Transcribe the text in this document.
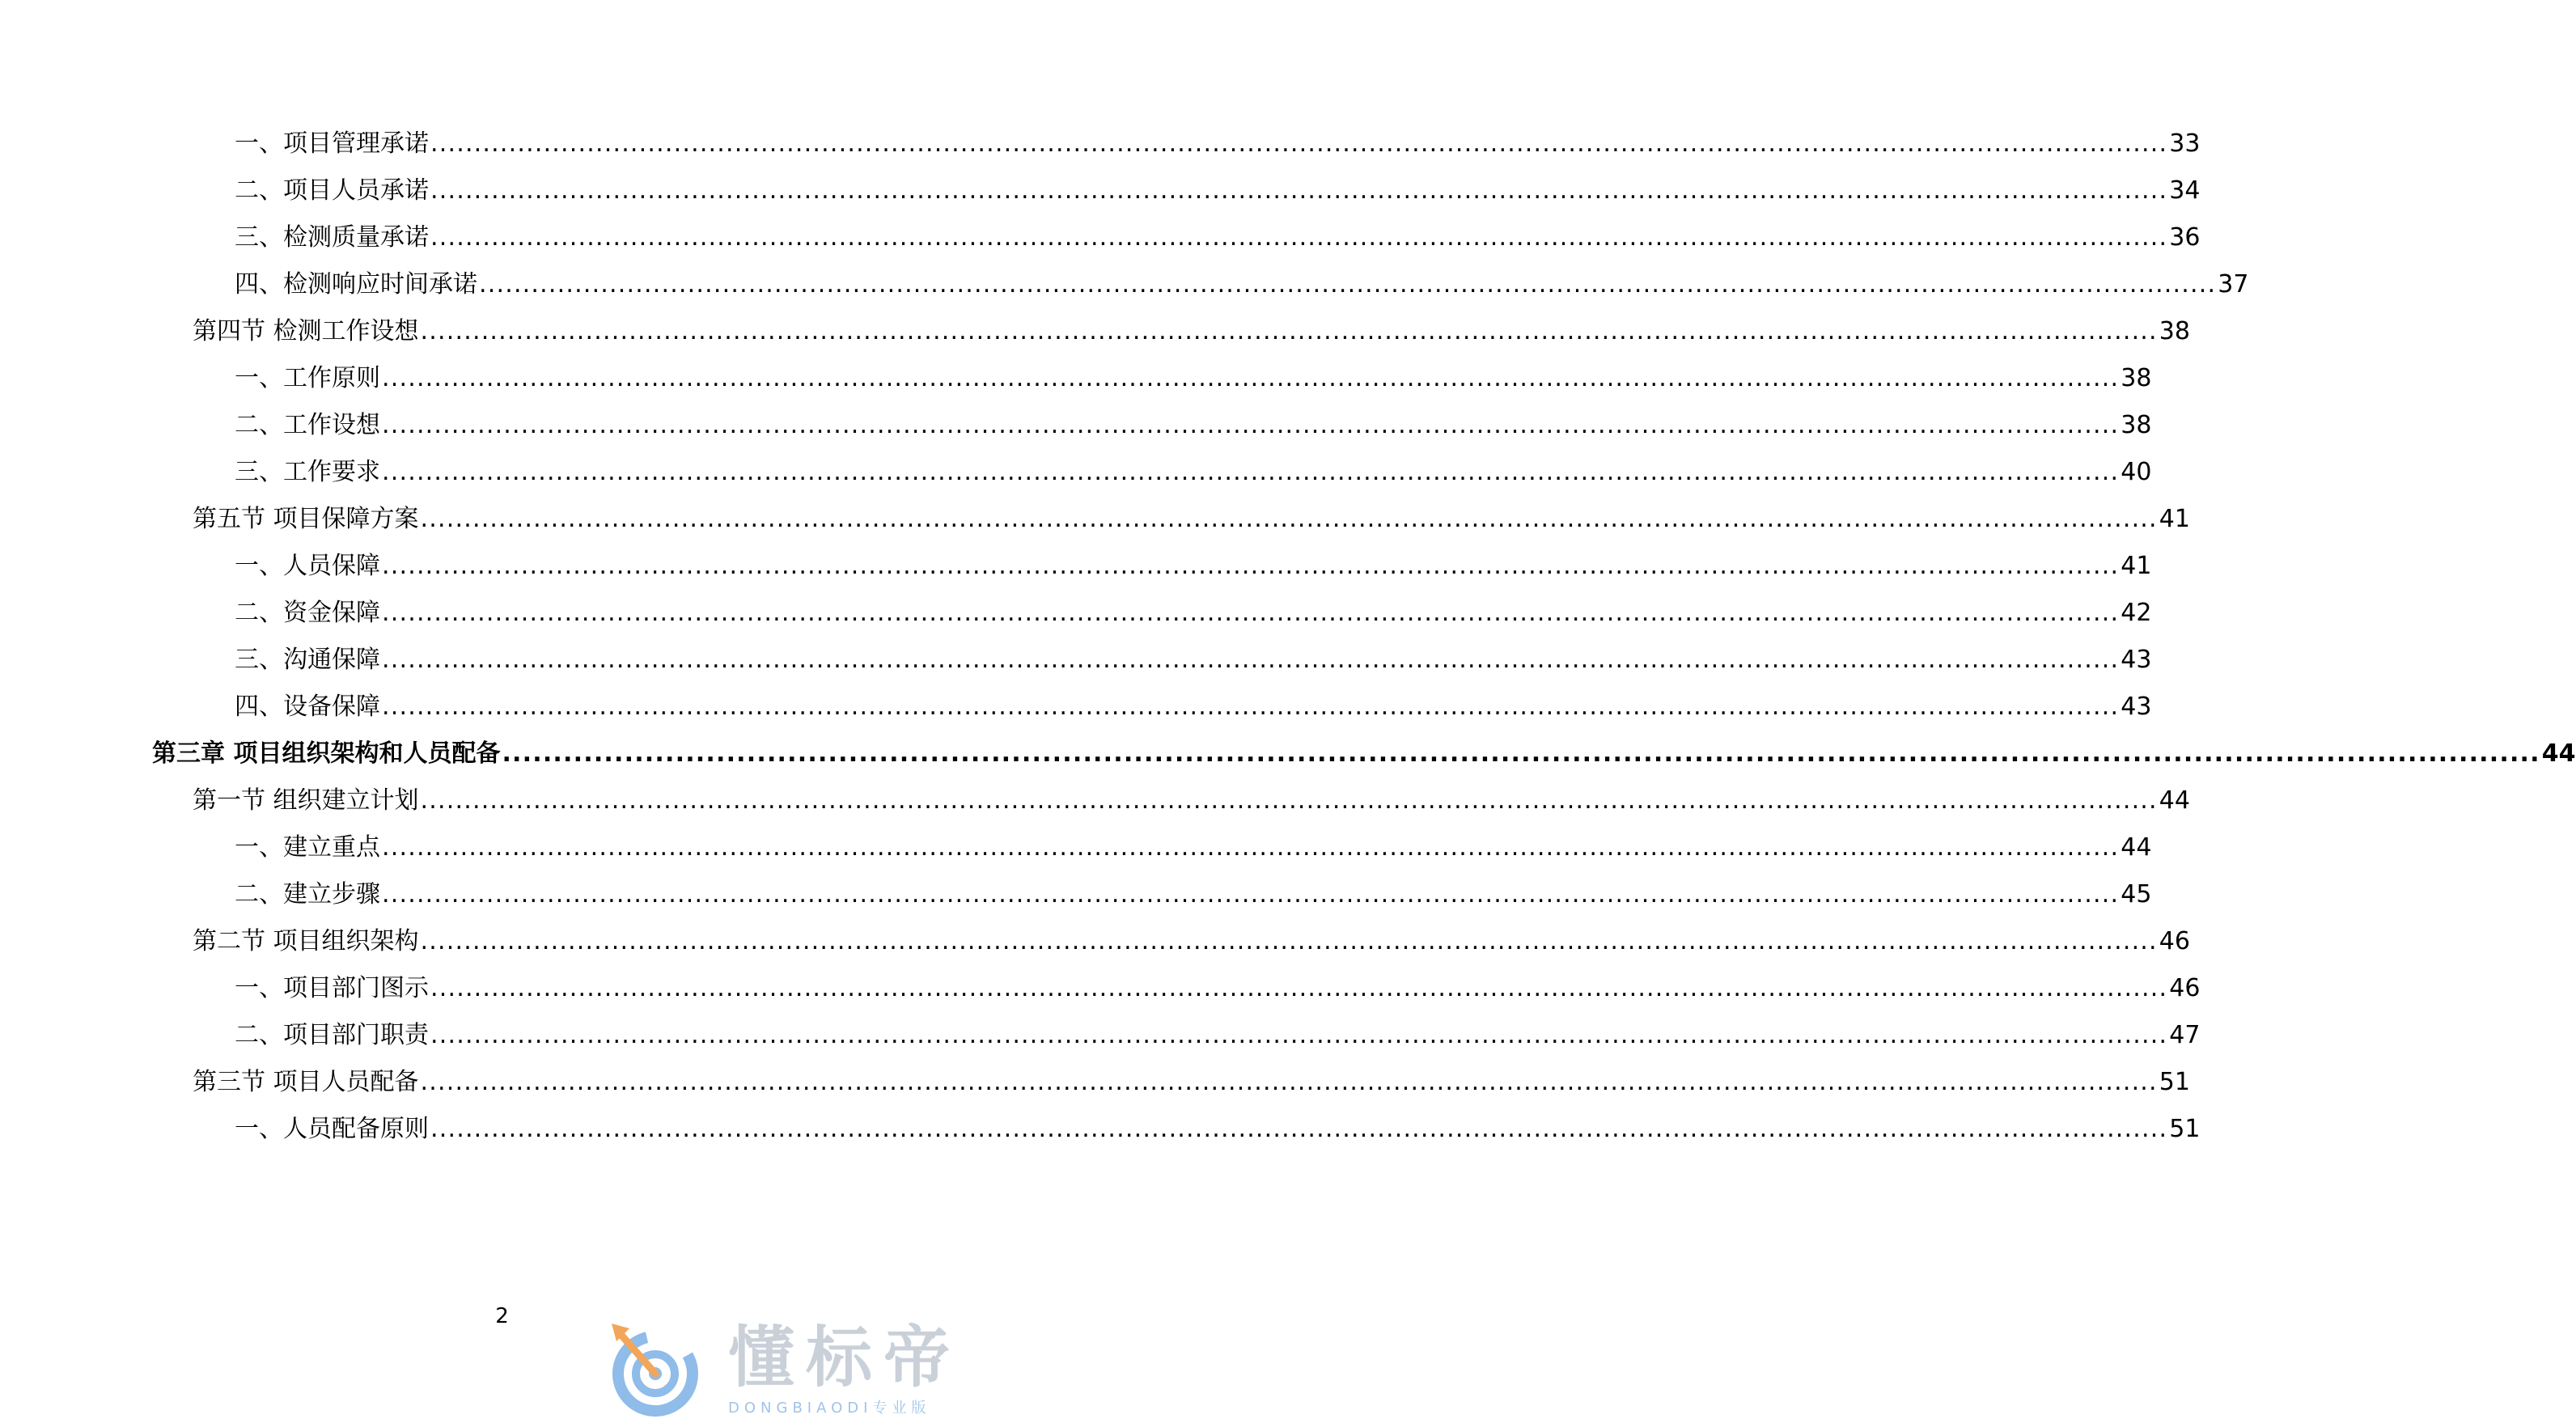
一、项目管理承诺 ........................................................................................................................................................................................................ 33
二、项目人员承诺 ........................................................................................................................................................................................................ 34
三、检测质量承诺 ........................................................................................................................................................................................................ 36
四、检测响应时间承诺 ........................................................................................................................................................................................................ 37
第四节 检测工作设想 ........................................................................................................................................................................................................ 38
一、工作原则 ........................................................................................................................................................................................................ 38
二、工作设想 ........................................................................................................................................................................................................ 38
三、工作要求 ........................................................................................................................................................................................................ 40
第五节 项目保障方案 ........................................................................................................................................................................................................ 41
一、人员保障 ........................................................................................................................................................................................................ 41
二、资金保障 ........................................................................................................................................................................................................ 42
三、沟通保障 ........................................................................................................................................................................................................ 43
四、设备保障 ........................................................................................................................................................................................................ 43
第三章 项目组织架构和人员配备 ........................................................................................................................................................................................................ 44
第一节 组织建立计划 ........................................................................................................................................................................................................ 44
一、建立重点 ........................................................................................................................................................................................................ 44
二、建立步骤 ........................................................................................................................................................................................................ 45
第二节 项目组织架构 ........................................................................................................................................................................................................ 46
一、项目部门图示 ........................................................................................................................................................................................................ 46
二、项目部门职责 ........................................................................................................................................................................................................ 47
第三节 项目人员配备 ........................................................................................................................................................................................................ 51
一、人员配备原则 ........................................................................................................................................................................................................ 51
2
懂标帝
DONGBIAODI专业版
